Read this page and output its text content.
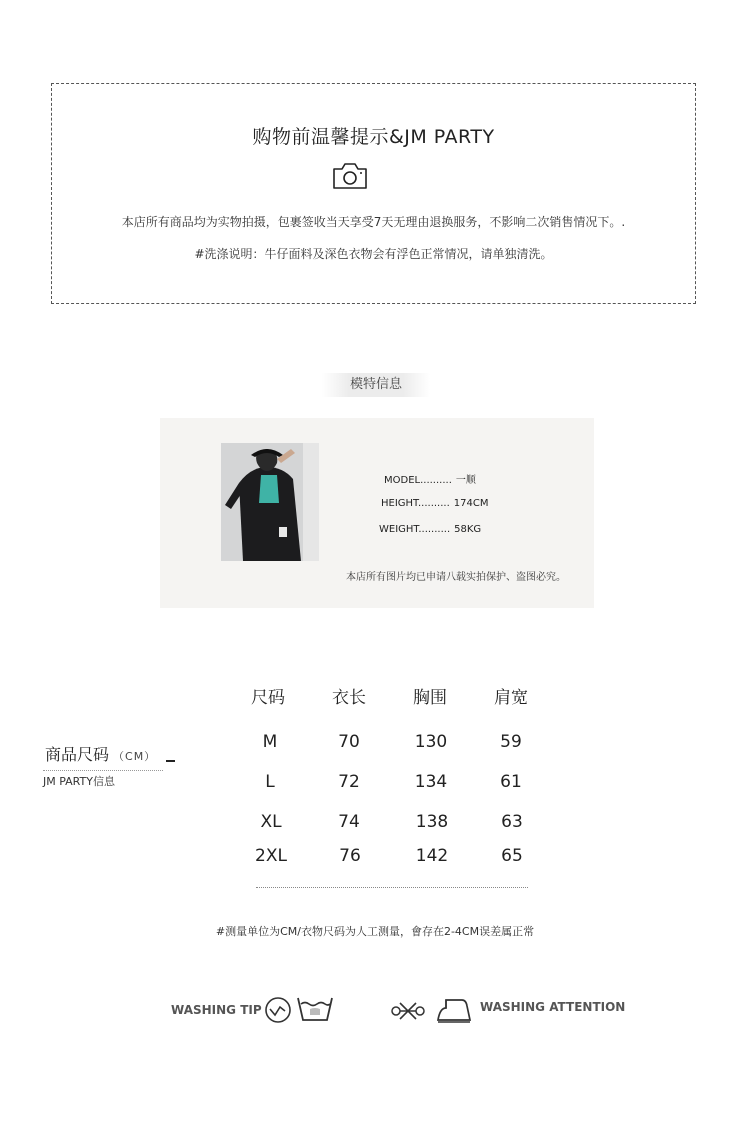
购物前温馨提示&JM PARTY
本店所有商品均为实物拍摄，包裹签收当天享受7天无理由退换服务，不影响二次销售情况下。.
#洗涤说明：牛仔面料及深色衣物会有浮色正常情况，请单独清洗。
模特信息
MODEL.......... 一顺
HEIGHT.......... 174CM
WEIGHT.......... 58KG
本店所有图片均已申请八载实拍保护、盗图必究。
商品尺码 （CM）
JM PARTY信息
尺码	衣长	胸围	肩宽
M	70	130	59
L	72	134	61
XL	74	138	63
2XL	76	142	65
#测量单位为CM/衣物尺码为人工测量，會存在2-4CM误差属正常
WASHING TIP	WASHING ATTENTION
